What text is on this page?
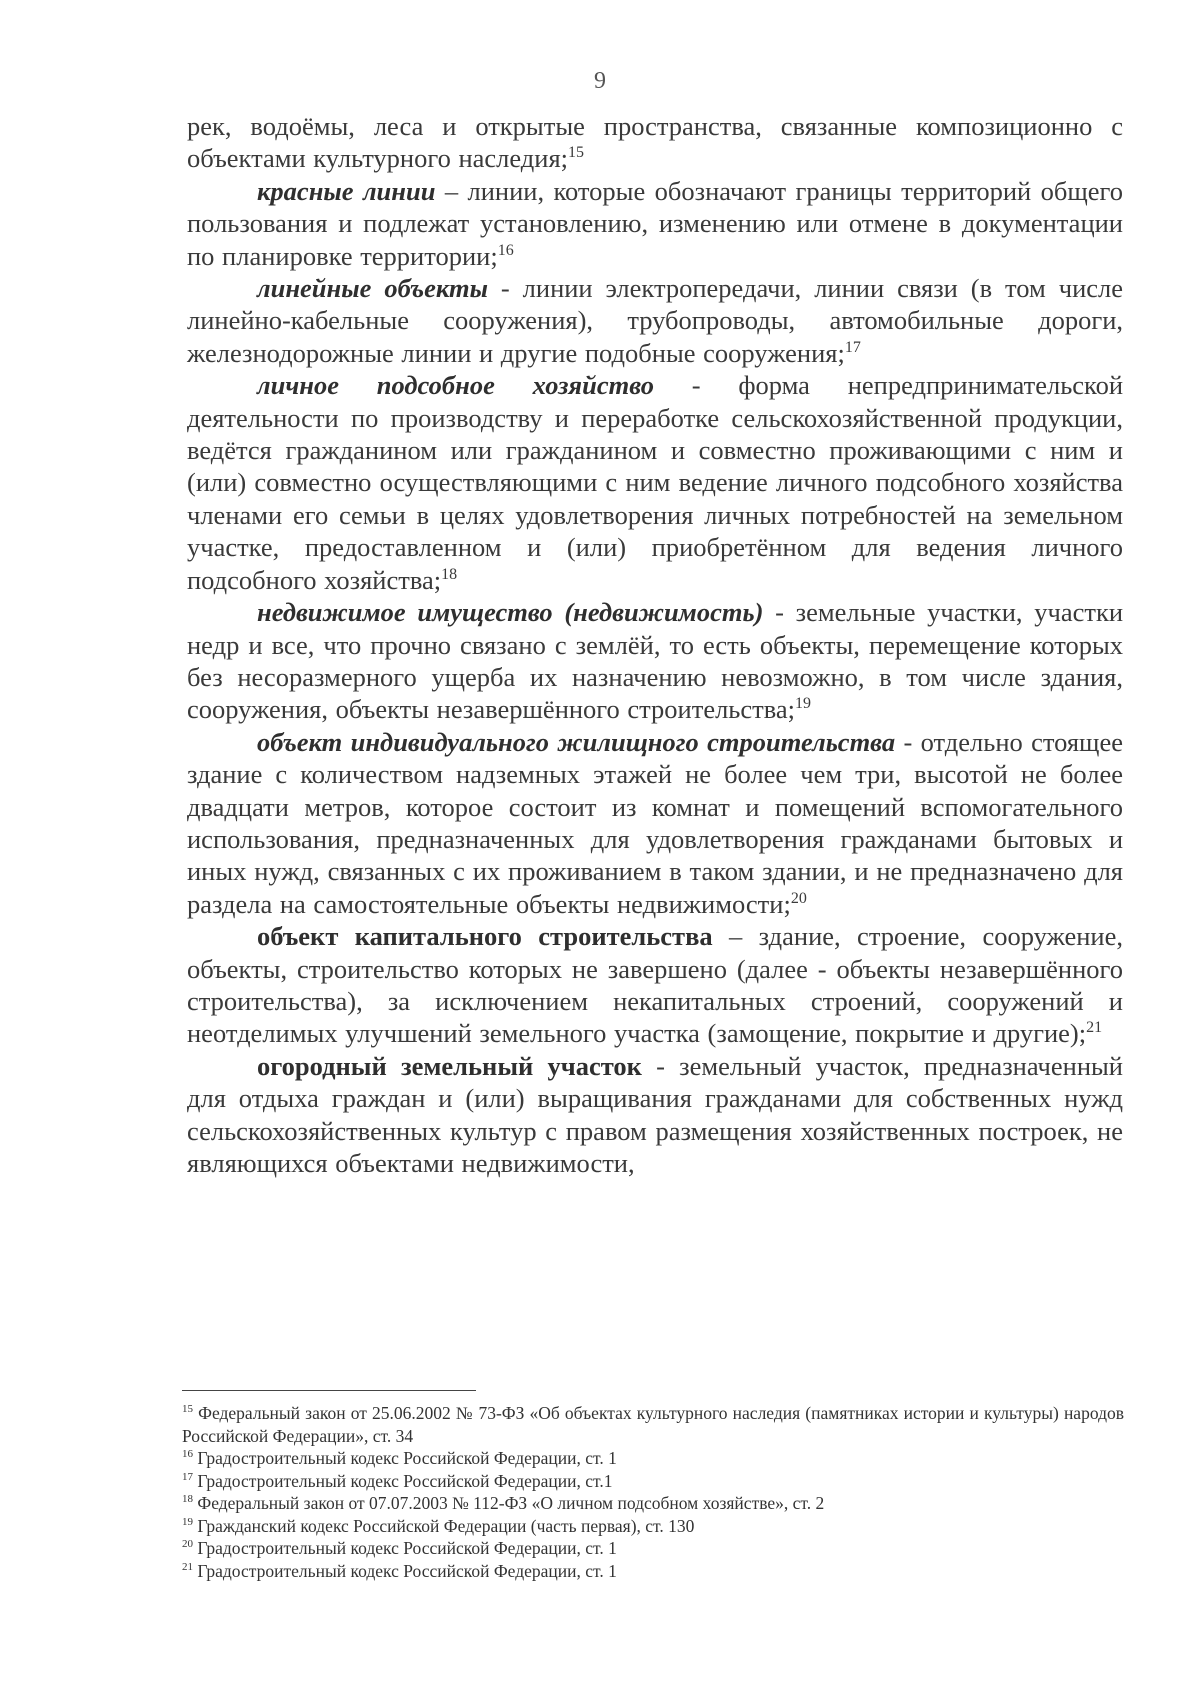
9

рек, водоёмы, леса и открытые пространства, связанные композиционно с объектами культурного наследия;$^{15}$

красные линии – линии, которые обозначают границы территорий общего пользования и подлежат установлению, изменению или отмене в документации по планировке территории;$^{16}$

линейные объекты - линии электропередачи, линии связи (в том числе линейно-кабельные сооружения), трубопроводы, автомобильные дороги, железнодорожные линии и другие подобные сооружения;$^{17}$

личное подсобное хозяйство - форма непредпринимательской деятельности по производству и переработке сельскохозяйственной продукции, ведётся гражданином или гражданином и совместно проживающими с ним и (или) совместно осуществляющими с ним ведение личного подсобного хозяйства членами его семьи в целях удовлетворения личных потребностей на земельном участке, предоставленном и (или) приобретённом для ведения личного подсобного хозяйства;$^{18}$

недвижимое имущество (недвижимость) - земельные участки, участки недр и все, что прочно связано с землёй, то есть объекты, перемещение которых без несоразмерного ущерба их назначению невозможно, в том числе здания, сооружения, объекты незавершённого строительства;$^{19}$

объект индивидуального жилищного строительства - отдельно стоящее здание с количеством надземных этажей не более чем три, высотой не более двадцати метров, которое состоит из комнат и помещений вспомогательного использования, предназначенных для удовлетворения гражданами бытовых и иных нужд, связанных с их проживанием в таком здании, и не предназначено для раздела на самостоятельные объекты недвижимости;$^{20}$

объект капитального строительства – здание, строение, сооружение, объекты, строительство которых не завершено (далее - объекты незавершённого строительства), за исключением некапитальных строений, сооружений и неотделимых улучшений земельного участка (замощение, покрытие и другие);$^{21}$

огородный земельный участок - земельный участок, предназначенный для отдыха граждан и (или) выращивания гражданами для собственных нужд сельскохозяйственных культур с правом размещения хозяйственных построек, не являющихся объектами недвижимости,

$^{15}$ Федеральный закон от 25.06.2002 № 73-ФЗ «Об объектах культурного наследия (памятниках истории и культуры) народов Российской Федерации», ст. 34

$^{16}$ Градостроительный кодекс Российской Федерации, ст. 1

$^{17}$ Градостроительный кодекс Российской Федерации, ст.1

$^{18}$ Федеральный закон от 07.07.2003 № 112-ФЗ «О личном подсобном хозяйстве», ст. 2

$^{19}$ Гражданский кодекс Российской Федерации (часть первая), ст. 130

$^{20}$ Градостроительный кодекс Российской Федерации, ст. 1

$^{21}$ Градостроительный кодекс Российской Федерации, ст. 1
